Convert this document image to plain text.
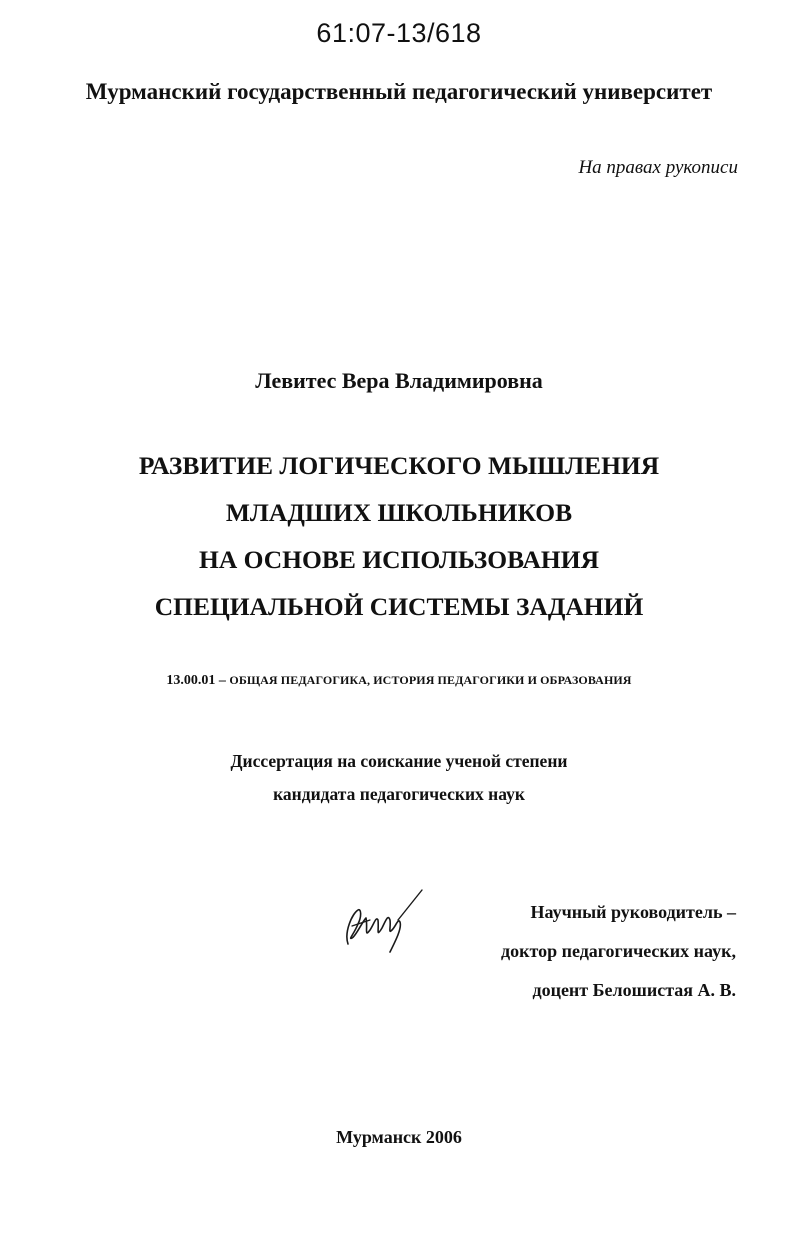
61:07-13/618
Мурманский государственный педагогический университет
На правах рукописи
Левитес Вера Владимировна
РАЗВИТИЕ ЛОГИЧЕСКОГО МЫШЛЕНИЯ
МЛАДШИХ ШКОЛЬНИКОВ
НА ОСНОВЕ ИСПОЛЬЗОВАНИЯ
СПЕЦИАЛЬНОЙ СИСТЕМЫ ЗАДАНИЙ
13.00.01 – ОБЩАЯ ПЕДАГОГИКА, ИСТОРИЯ ПЕДАГОГИКИ И ОБРАЗОВАНИЯ
Диссертация на соискание ученой степени
кандидата педагогических наук
Научный руководитель –
доктор педагогических наук,
доцент Белошистая А. В.
Мурманск 2006
